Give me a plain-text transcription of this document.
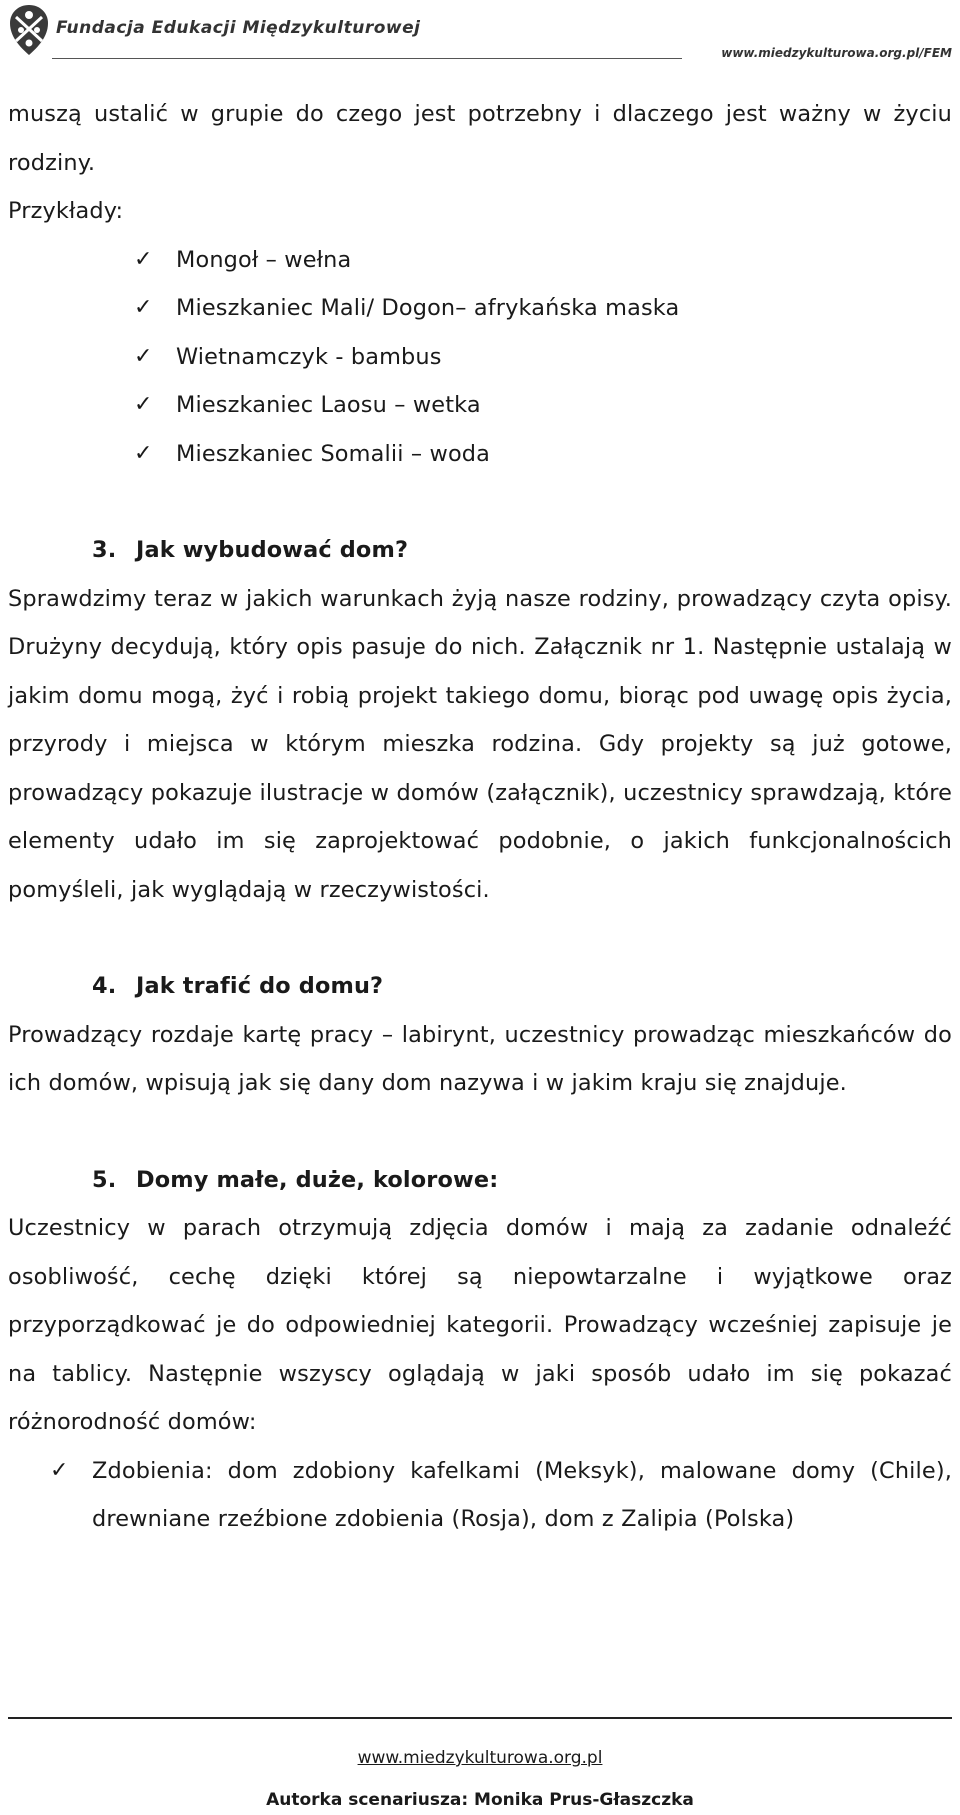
Fundacja Edukacji Międzykulturowej
www.miedzykulturowa.org.pl/FEM

muszą ustalić w grupie do czego jest potrzebny i dlaczego jest ważny w życiu rodziny.

Przykłady:

✓ Mongoł – wełna
✓ Mieszkaniec Mali/ Dogon– afrykańska maska
✓ Wietnamczyk - bambus
✓ Mieszkaniec Laosu – wetka
✓ Mieszkaniec Somalii – woda
3. Jak wybudować dom?

Sprawdzimy teraz w jakich warunkach żyją nasze rodziny, prowadzący czyta opisy. Drużyny decydują, który opis pasuje do nich. Załącznik nr 1. Następnie ustalają w jakim domu mogą, żyć i robią projekt takiego domu, biorąc pod uwagę opis życia, przyrody i miejsca w którym mieszka rodzina. Gdy projekty są już gotowe, prowadzący pokazuje ilustracje w domów (załącznik), uczestnicy sprawdzają, które elementy udało im się zaprojektować podobnie, o jakich funkcjonalnościch pomyśleli, jak wyglądają w rzeczywistości.

4. Jak trafić do domu?

Prowadzący rozdaje kartę pracy – labirynt, uczestnicy prowadząc mieszkańców do ich domów, wpisują jak się dany dom nazywa i w jakim kraju się znajduje.

5. Domy małe, duże, kolorowe:

Uczestnicy w parach otrzymują zdjęcia domów i mają za zadanie odnaleźć osobliwość, cechę dzięki której są niepowtarzalne i wyjątkowe oraz przyporządkować je do odpowiedniej kategorii. Prowadzący wcześniej zapisuje je na tablicy. Następnie wszyscy oglądają w jaki sposób udało im się pokazać różnorodność domów:

✓ Zdobienia: dom zdobiony kafelkami (Meksyk), malowane domy (Chile), drewniane rzeźbione zdobienia (Rosja), dom z Zalipia (Polska)
www.miedzykulturowa.org.pl
Autorka scenariusza: Monika Prus-Głaszczka
